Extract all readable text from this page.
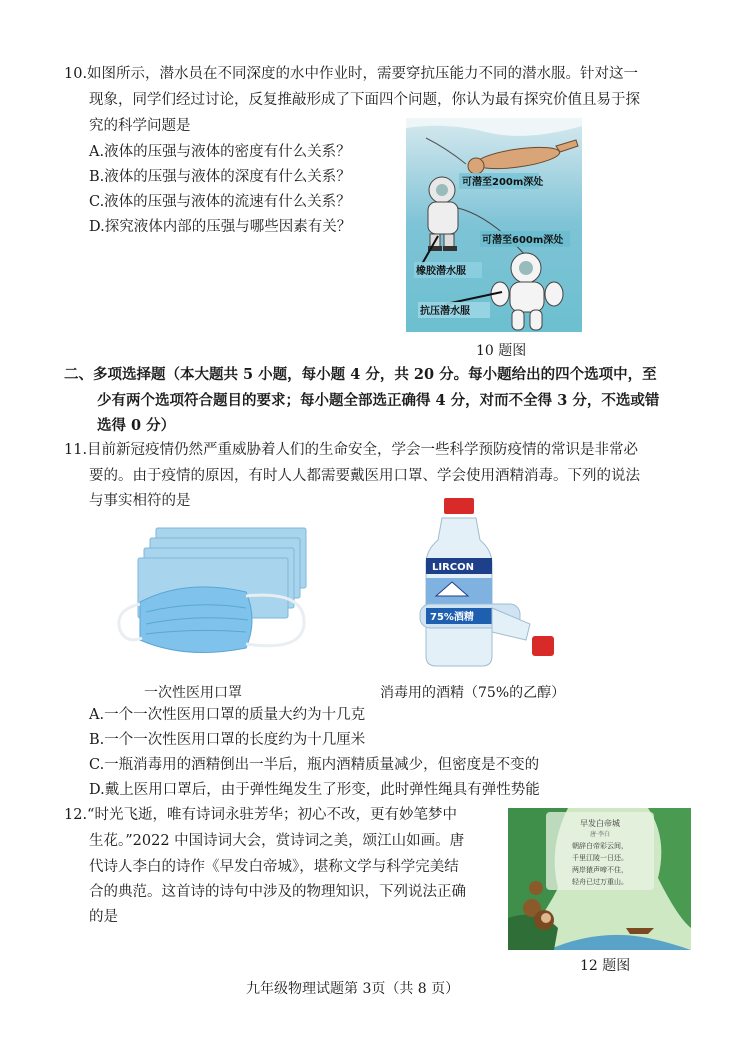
10.如图所示，潜水员在不同深度的水中作业时，需要穿抗压能力不同的潜水服。针对这一
现象，同学们经过讨论，反复推敲形成了下面四个问题，你认为最有探究价值且易于探
究的科学问题是
A.液体的压强与液体的密度有什么关系？
B.液体的压强与液体的深度有什么关系？
C.液体的压强与液体的流速有什么关系？
D.探究液体内部的压强与哪些因素有关？
可潜至200m深处
可潜至600m深处
橡胶潜水服
抗压潜水服
10 题图
二、多项选择题（本大题共 5 小题，每小题 4 分，共 20 分。每小题给出的四个选项中，至
少有两个选项符合题目的要求；每小题全部选正确得 4 分，对而不全得 3 分，不选或错
选得 0 分）
11.目前新冠疫情仍然严重威胁着人们的生命安全，学会一些科学预防疫情的常识是非常必
要的。由于疫情的原因，有时人人都需要戴医用口罩、学会使用酒精消毒。下列的说法
与事实相符的是
LIRCON
75%酒精
一次性医用口罩	消毒用的酒精（75%的乙醇）
A.一个一次性医用口罩的质量大约为十几克
B.一个一次性医用口罩的长度约为十几厘米
C.一瓶消毒用的酒精倒出一半后，瓶内酒精质量减少，但密度是不变的
D.戴上医用口罩后，由于弹性绳发生了形变，此时弹性绳具有弹性势能
12.“时光飞逝，唯有诗词永驻芳华；初心不改，更有妙笔梦中
生花。”2022 中国诗词大会，赏诗词之美，颂江山如画。唐
代诗人李白的诗作《早发白帝城》，堪称文学与科学完美结
合的典范。这首诗的诗句中涉及的物理知识，下列说法正确
的是
早发白帝城
唐·李白
朝辞白帝彩云间，
千里江陵一日还。
两岸猿声啼不住，
轻舟已过万重山。
12 题图
九年级物理试题第 3页（共 8 页）
